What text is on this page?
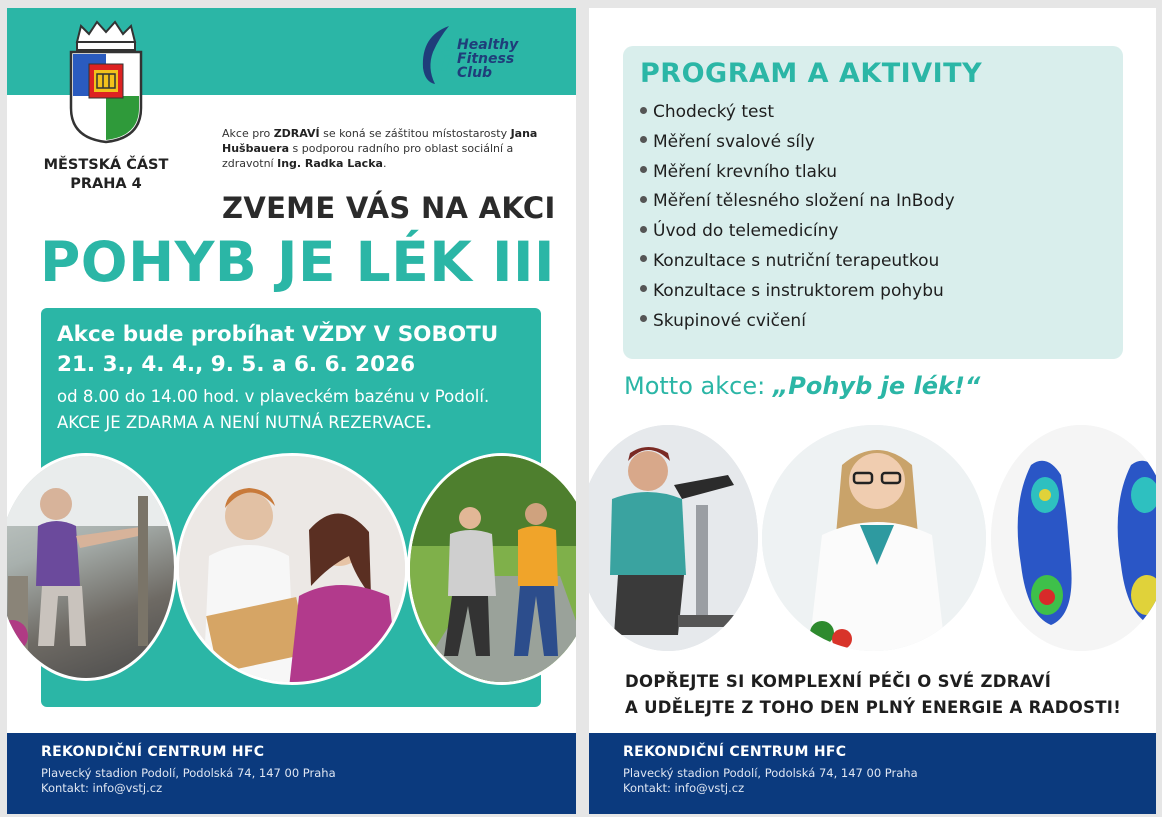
MĚSTSKÁ ČÁST
PRAHA 4
Healthy
Fitness
Club
Akce pro ZDRAVÍ se koná se záštitou místostarosty Jana Hušbauera s podporou radního pro oblast sociální a zdravotní Ing. Radka Lacka.
ZVEME VÁS NA AKCI
POHYB JE LÉK III
Akce bude probíhat VŽDY V SOBOTU
21. 3., 4. 4., 9. 5. a 6. 6. 2026
od 8.00 do 14.00 hod. v plaveckém bazénu v Podolí.
AKCE JE ZDARMA A NENÍ NUTNÁ REZERVACE.
REKONDIČNÍ CENTRUM HFC
Plavecký stadion Podolí, Podolská 74, 147 00 Praha
Kontakt: info@vstj.cz
PROGRAM A AKTIVITY
Chodecký test
Měření svalové síly
Měření krevního tlaku
Měření tělesného složení na InBody
Úvod do telemedicíny
Konzultace s nutriční terapeutkou
Konzultace s instruktorem pohybu
Skupinové cvičení
Motto akce: „Pohyb je lék!“
DOPŘEJTE SI KOMPLEXNÍ PÉČI O SVÉ ZDRAVÍ
A UDĚLEJTE Z TOHO DEN PLNÝ ENERGIE A RADOSTI!
REKONDIČNÍ CENTRUM HFC
Plavecký stadion Podolí, Podolská 74, 147 00 Praha
Kontakt: info@vstj.cz
